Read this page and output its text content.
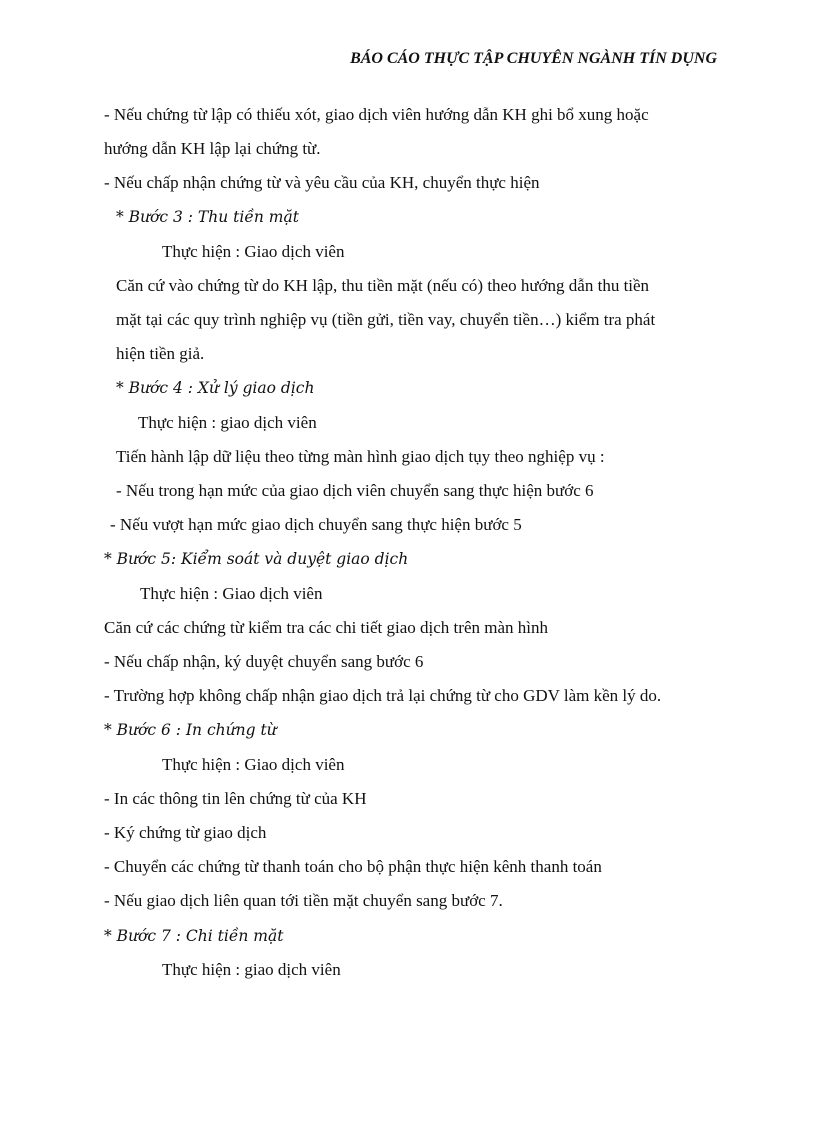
BÁO CÁO THỰC TẬP CHUYÊN NGÀNH TÍN DỤNG
- Nếu chứng từ lập có thiếu xót, giao dịch viên hướng dẫn KH ghi bổ xung hoặc
hướng dẫn KH lập lại chứng từ.
- Nếu chấp nhận chứng từ và yêu cầu của KH, chuyển thực hiện
* Bước 3 : Thu tiền mặt
Thực hiện : Giao dịch viên
Căn cứ vào chứng từ do KH lập, thu tiền mặt (nếu có) theo hướng dẫn thu tiền
mặt tại các quy trình nghiệp vụ (tiền gửi, tiền vay, chuyển tiền…) kiểm tra phát
hiện tiền giả.
* Bước 4 : Xử lý giao dịch
Thực hiện : giao dịch viên
Tiến hành lập dữ liệu theo từng màn hình giao dịch tụy theo nghiệp vụ :
- Nếu trong hạn mức của giao dịch viên chuyển sang thực hiện bước 6
- Nếu vượt hạn mức giao dịch chuyển sang thực hiện bước 5
* Bước 5: Kiểm soát và duyệt giao dịch
Thực hiện : Giao dịch viên
Căn cứ các chứng từ kiểm tra các chi tiết giao dịch trên màn hình
- Nếu chấp nhận, ký duyệt chuyển sang bước 6
- Trường hợp không chấp nhận giao dịch trả lại chứng từ cho GDV làm kền lý do.
* Bước 6 : In chứng từ
Thực hiện : Giao dịch viên
- In các thông tin lên chứng từ của KH
- Ký chứng từ giao dịch
- Chuyển các chứng từ thanh toán cho bộ phận thực hiện kênh thanh toán
- Nếu giao dịch liên quan tới tiền mặt chuyển sang bước 7.
* Bước 7 : Chi tiền mặt
Thực hiện : giao dịch viên
